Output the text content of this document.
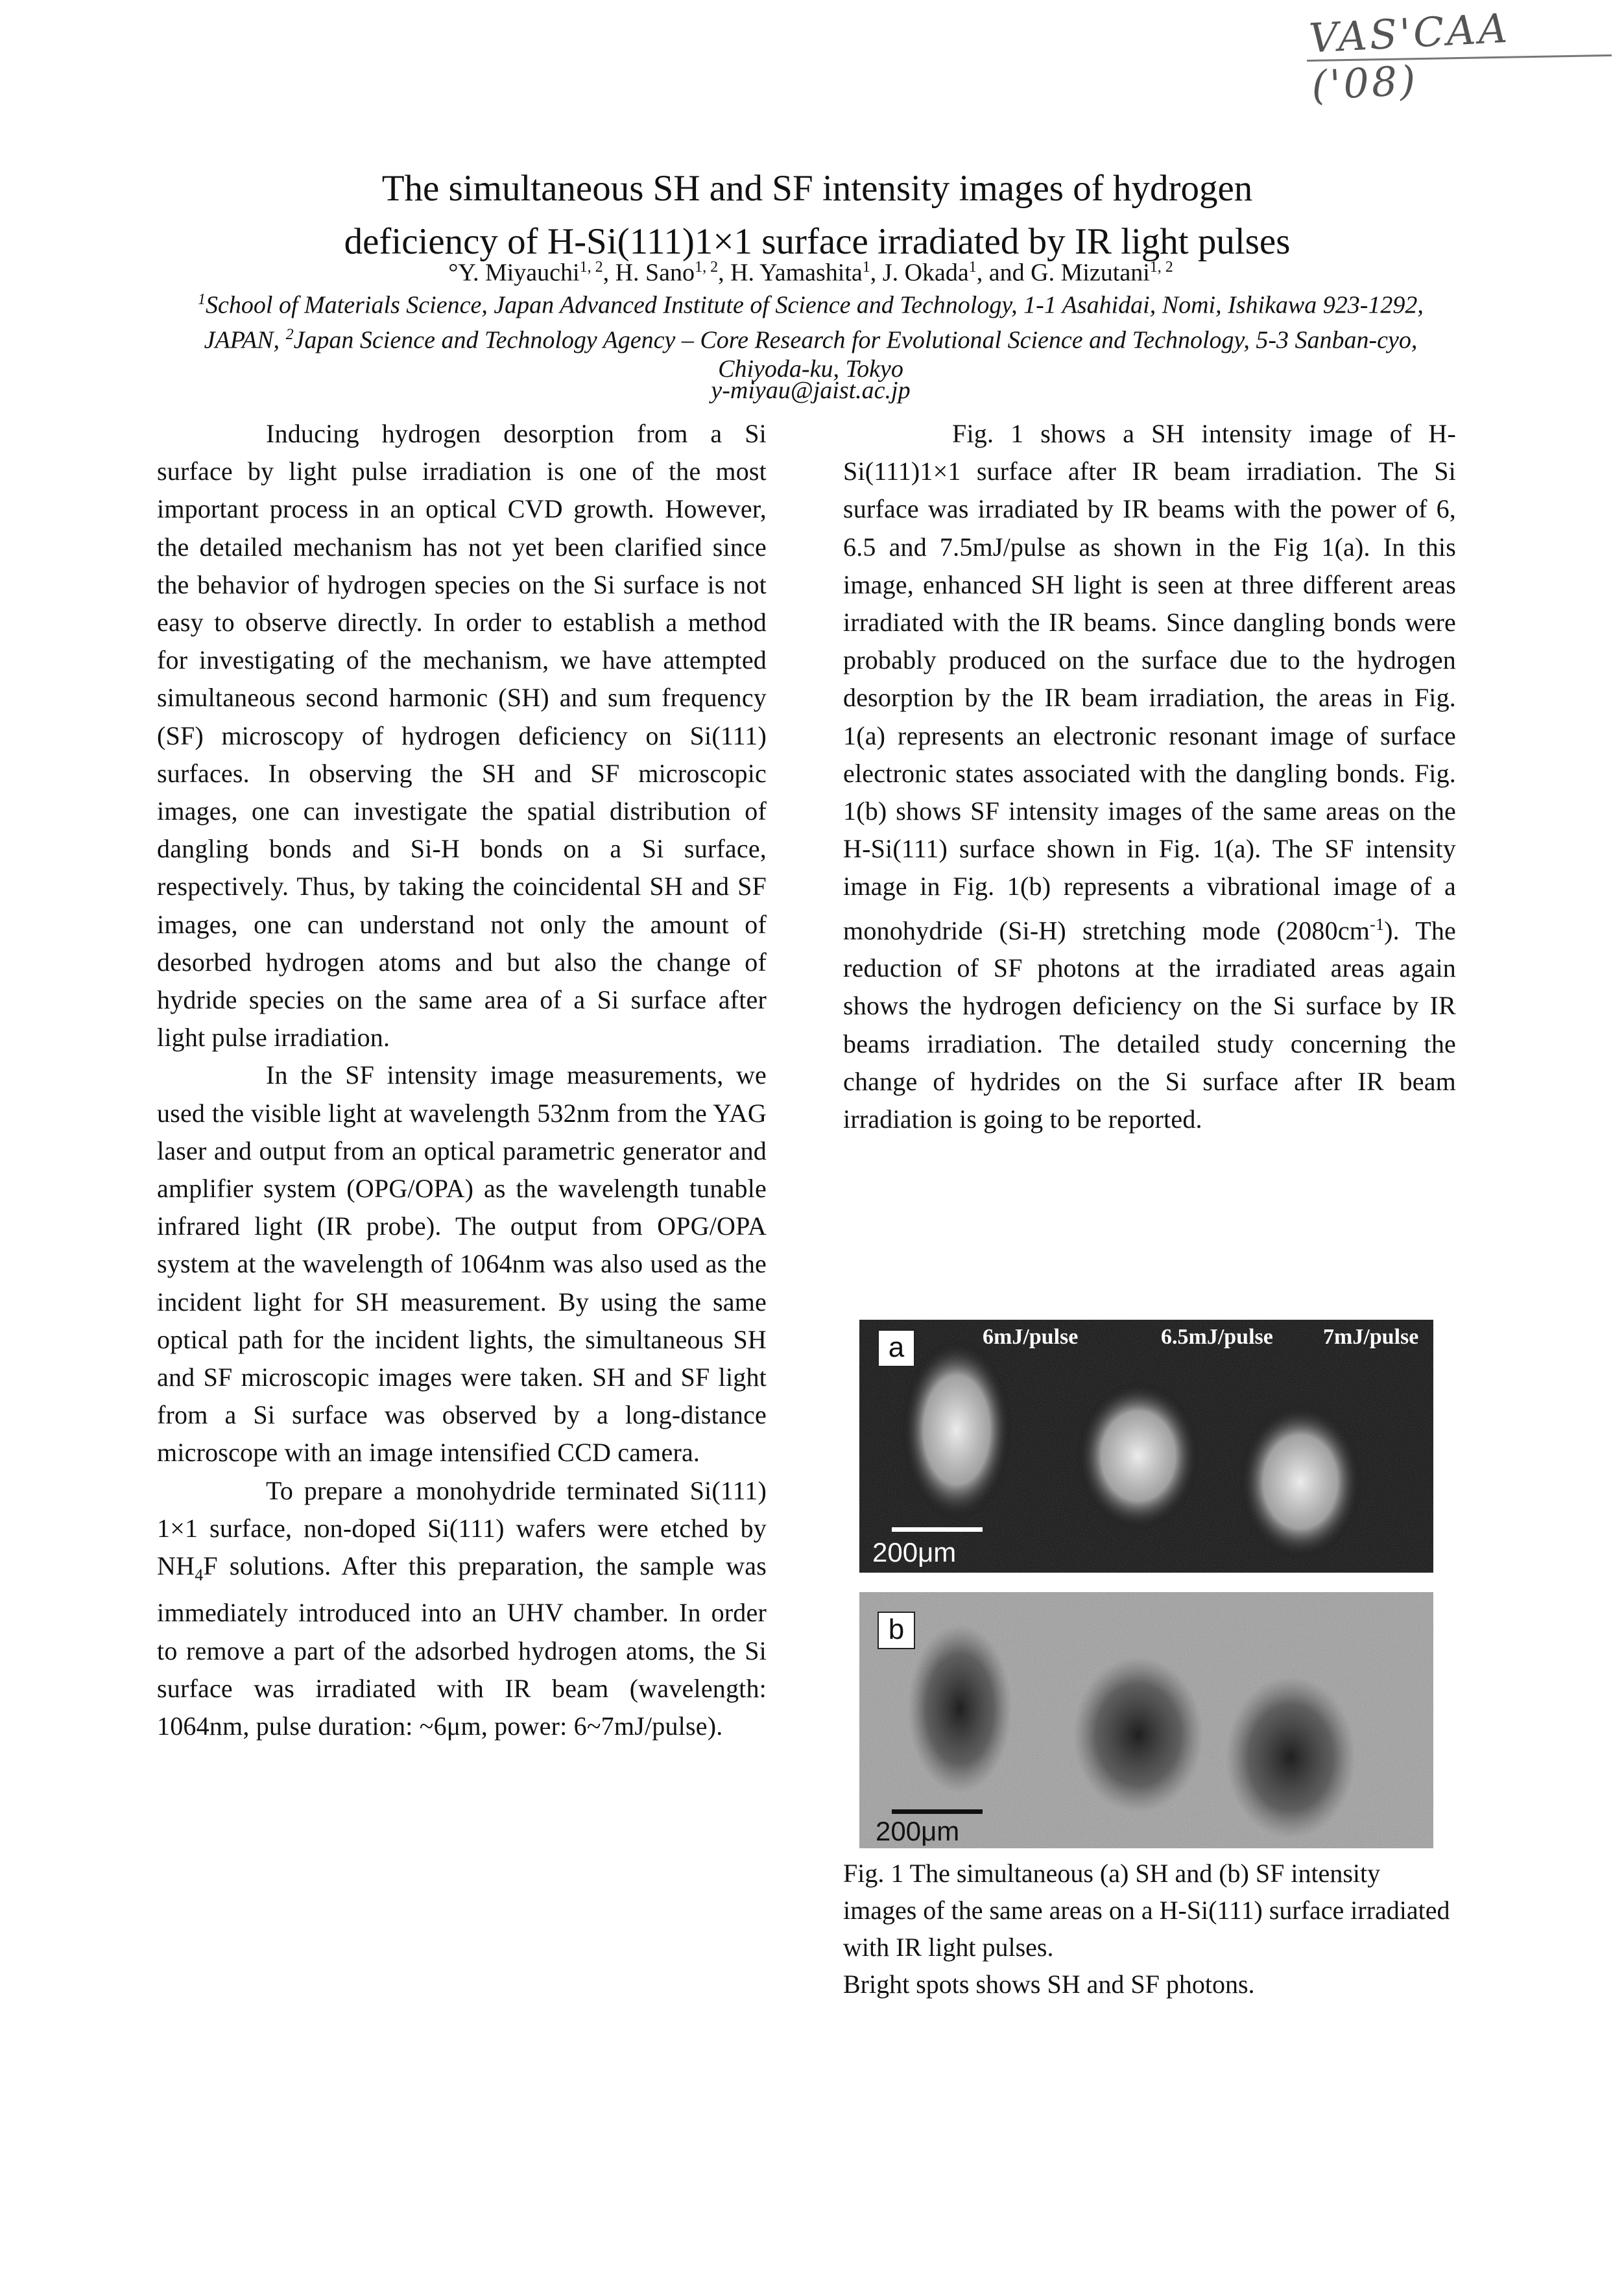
VAS'CAA ('08)
The simultaneous SH and SF intensity images of hydrogen
deficiency of H-Si(111)1×1 surface irradiated by IR light pulses
°Y. Miyauchi$^{1, 2}$, H. Sano$^{1, 2}$, H. Yamashita$^1$, J. Okada$^1$, and G. Mizutani$^{1, 2}$
$^1$School of Materials Science, Japan Advanced Institute of Science and Technology, 1-1 Asahidai, Nomi, Ishikawa 923-1292, JAPAN, $^2$Japan Science and Technology Agency – Core Research for Evolutional Science and Technology, 5-3 Sanban-cyo, Chiyoda-ku, Tokyo
y-miyau@jaist.ac.jp

Inducing hydrogen desorption from a Si surface by light pulse irradiation is one of the most important process in an optical CVD growth. However, the detailed mechanism has not yet been clarified since the behavior of hydrogen species on the Si surface is not easy to observe directly. In order to establish a method for investigating of the mechanism, we have attempted simultaneous second harmonic (SH) and sum frequency (SF) microscopy of hydrogen deficiency on Si(111) surfaces. In observing the SH and SF microscopic images, one can investigate the spatial distribution of dangling bonds and Si-H bonds on a Si surface, respectively. Thus, by taking the coincidental SH and SF images, one can understand not only the amount of desorbed hydrogen atoms and but also the change of hydride species on the same area of a Si surface after light pulse irradiation.

In the SF intensity image measurements, we used the visible light at wavelength 532nm from the YAG laser and output from an optical parametric generator and amplifier system (OPG/OPA) as the wavelength tunable infrared light (IR probe). The output from OPG/OPA system at the wavelength of 1064nm was also used as the incident light for SH measurement. By using the same optical path for the incident lights, the simultaneous SH and SF microscopic images were taken. SH and SF light from a Si surface was observed by a long-distance microscope with an image intensified CCD camera.

To prepare a monohydride terminated Si(111) 1×1 surface, non-doped Si(111) wafers were etched by $NH_4F$ solutions. After this preparation, the sample was immediately introduced into an UHV chamber. In order to remove a part of the adsorbed hydrogen atoms, the Si surface was irradiated with IR beam (wavelength: 1064nm, pulse duration: ~6μm, power: 6~7mJ/pulse).

Fig. 1 shows a SH intensity image of H-Si(111)1×1 surface after IR beam irradiation. The Si surface was irradiated by IR beams with the power of 6, 6.5 and 7.5mJ/pulse as shown in the Fig 1(a). In this image, enhanced SH light is seen at three different areas irradiated with the IR beams. Since dangling bonds were probably produced on the surface due to the hydrogen desorption by the IR beam irradiation, the areas in Fig. 1(a) represents an electronic resonant image of surface electronic states associated with the dangling bonds. Fig. 1(b) shows SF intensity images of the same areas on the H-Si(111) surface shown in Fig. 1(a). The SF intensity image in Fig. 1(b) represents a vibrational image of a monohydride (Si-H) stretching mode $(2080cm^{-1})$. The reduction of SF photons at the irradiated areas again shows the hydrogen deficiency on the Si surface by IR beams irradiation. The detailed study concerning the change of hydrides on the Si surface after IR beam irradiation is going to be reported.

a	6mJ/pulse	6.5mJ/pulse 7mJ/pulse
200μm
b
200μm

Fig. 1 The simultaneous (a) SH and (b) SF intensity images of the same areas on a H-Si(111) surface irradiated with IR light pulses.

Bright spots shows SH and SF photons.
